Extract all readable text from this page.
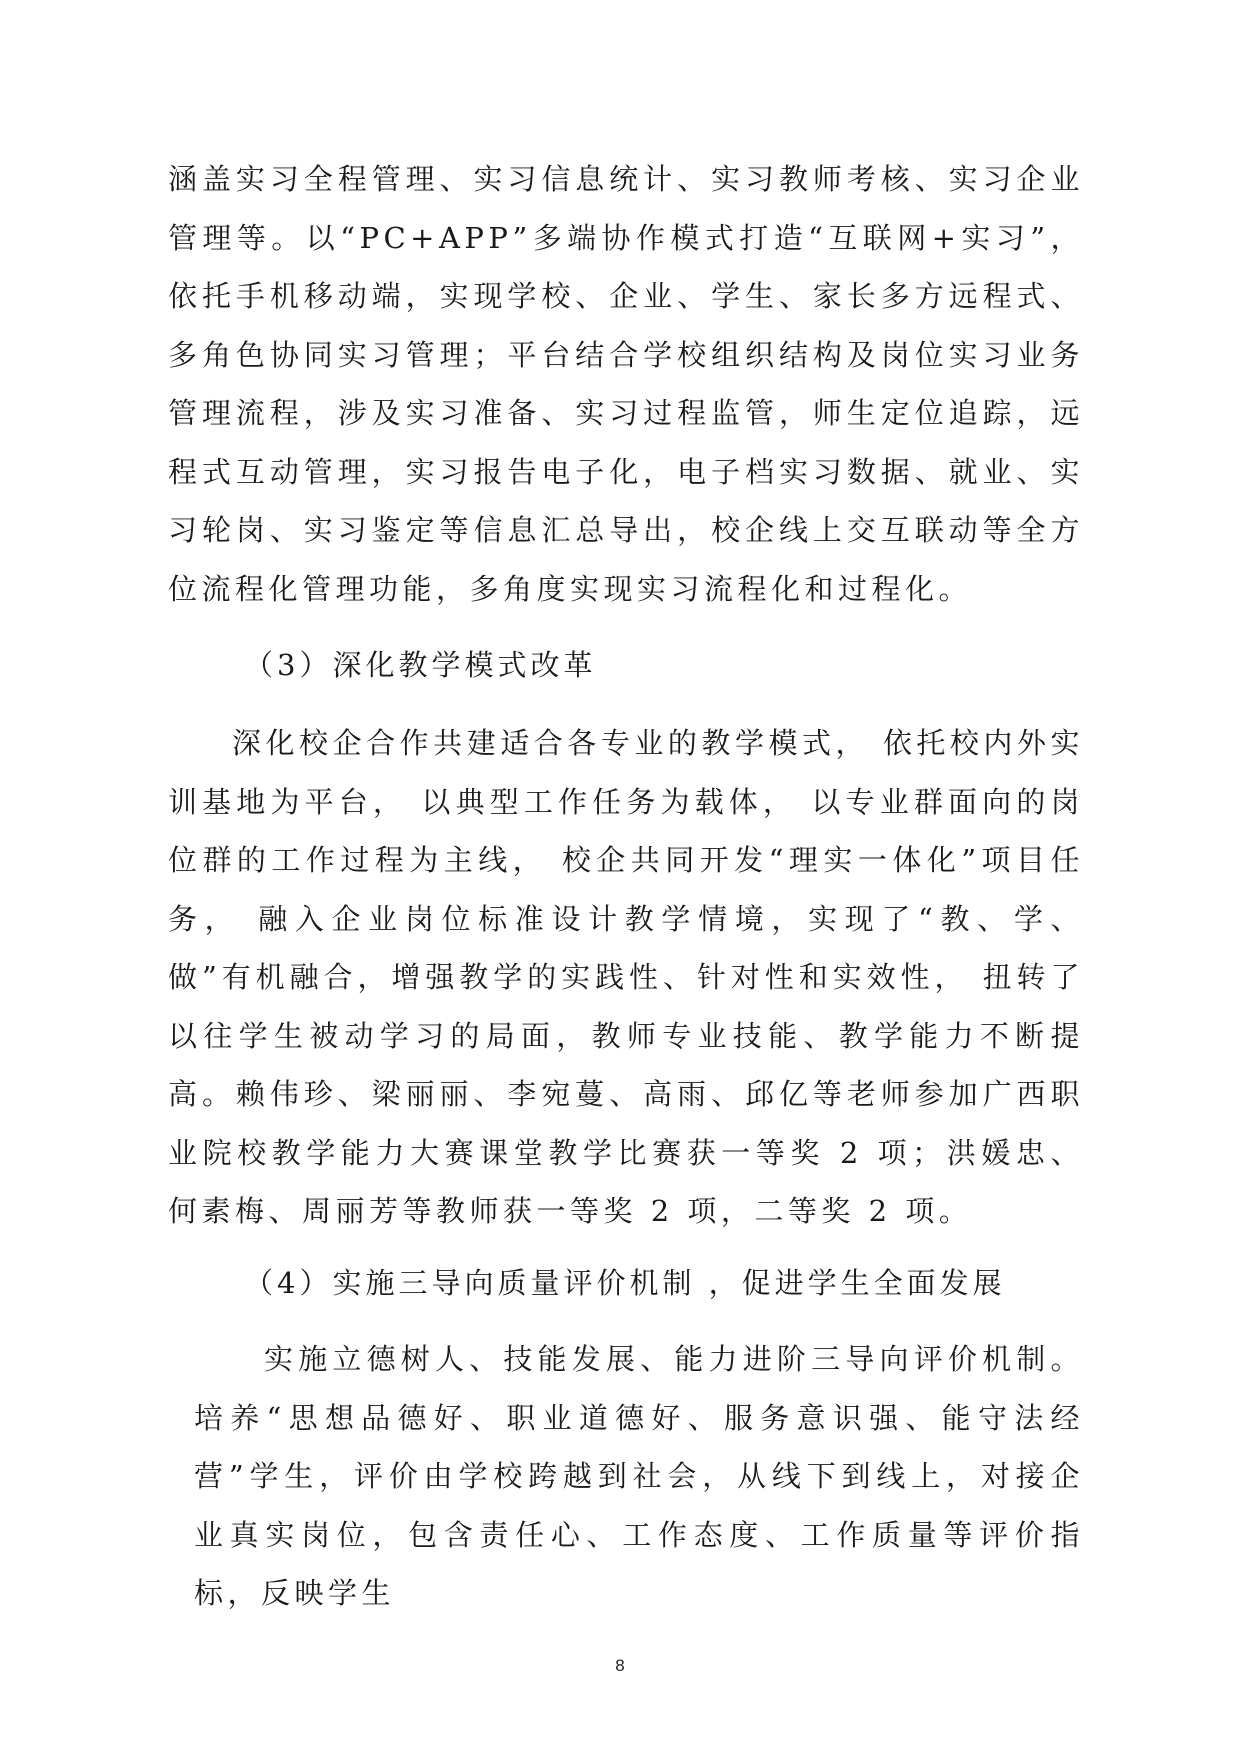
涵盖实习全程管理、实习信息统计、实习教师考核、实习企业管理等。以“PC+APP”多端协作模式打造“互联网+实习”，依托手机移动端，实现学校、企业、学生、家长多方远程式、多角色协同实习管理；平台结合学校组织结构及岗位实习业务管理流程，涉及实习准备、实习过程监管，师生定位追踪，远程式互动管理，实习报告电子化，电子档实习数据、就业、实习轮岗、实习鉴定等信息汇总导出，校企线上交互联动等全方位流程化管理功能，多角度实现实习流程化和过程化。

（3）深化教学模式改革

深化校企合作共建适合各专业的教学模式， 依托校内外实训基地为平台， 以典型工作任务为载体， 以专业群面向的岗位群的工作过程为主线， 校企共同开发“理实一体化”项目任务， 融入企业岗位标准设计教学情境，实现了“教、学、做”有机融合，增强教学的实践性、针对性和实效性， 扭转了以往学生被动学习的局面，教师专业技能、教学能力不断提高。赖伟珍、梁丽丽、李宛蔓、高雨、邱亿等老师参加广西职业院校教学能力大赛课堂教学比赛获一等奖 2 项；洪媛忠、何素梅、周丽芳等教师获一等奖 2 项，二等奖 2 项。

（4）实施三导向质量评价机制 ，促进学生全面发展

实施立德树人、技能发展、能力进阶三导向评价机制。培养“思想品德好、职业道德好、服务意识强、能守法经营”学生，评价由学校跨越到社会，从线下到线上，对接企业真实岗位，包含责任心、工作态度、工作质量等评价指标，反映学生

8
